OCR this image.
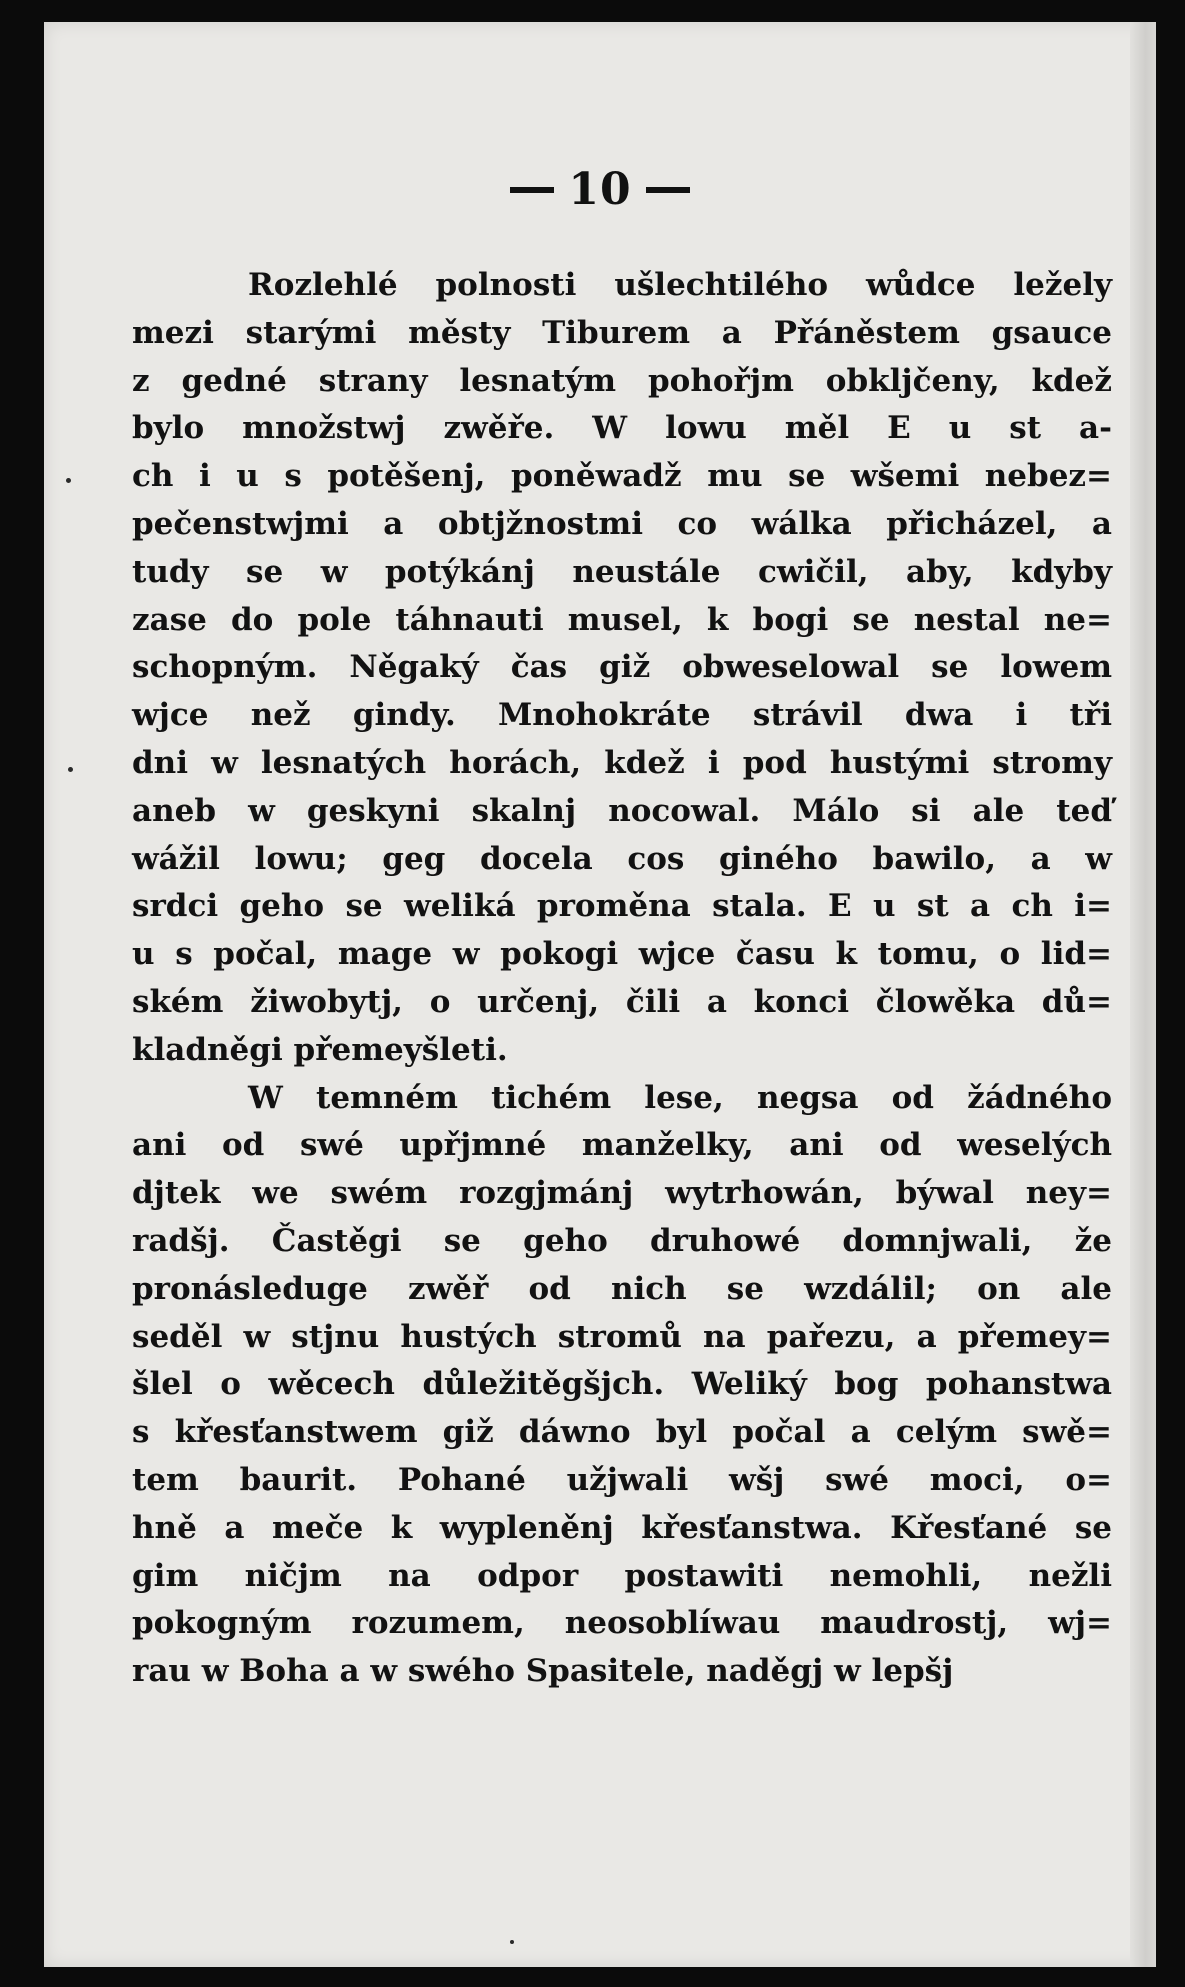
10
Rozlehlé polnosti ušlechtilého wůdce ležely
mezi starými městy Tiburem a Přáněstem gsauce
z gedné strany lesnatým pohořjm obkljčeny, kdež
bylo množstwj zwěře. W lowu měl E u st a-
ch i u s potěšenj, poněwadž mu se wšemi nebez=
pečenstwjmi a obtjžnostmi co wálka přicházel, a
tudy se w potýkánj neustále cwičil, aby, kdyby
zase do pole táhnauti musel, k bogi se nestal ne=
schopným. Něgaký čas giž obweselowal se lowem
wjce než gindy. Mnohokráte strávil dwa i tři
dni w lesnatých horách, kdež i pod hustými stromy
aneb w geskyni skalnj nocowal. Málo si ale teď
wážil lowu; geg docela cos giného bawilo, a w
srdci geho se weliká proměna stala. E u st a ch i=
u s počal, mage w pokogi wjce času k tomu, o lid=
ském žiwobytj, o určenj, čili a konci člowěka dů=
kladněgi přemeyšleti.
W temném tichém lese, negsa od žádného
ani od swé upřjmné manželky, ani od weselých
djtek we swém rozgjmánj wytrhowán, býwal ney=
radšj. Častěgi se geho druhowé domnjwali, že
pronásleduge zwěř od nich se wzdálil; on ale
seděl w stjnu hustých stromů na pařezu, a přemey=
šlel o wěcech důležitěgšjch. Weliký bog pohanstwa
s křesťanstwem giž dáwno byl počal a celým swě=
tem baurit. Pohané užjwali wšj swé moci, o=
hně a meče k wypleněnj křesťanstwa. Křesťané se
gim ničjm na odpor postawiti nemohli, nežli
pokogným rozumem, neosoblíwau maudrostj, wj=
rau w Boha a w swého Spasitele, naděgj w lepšj
